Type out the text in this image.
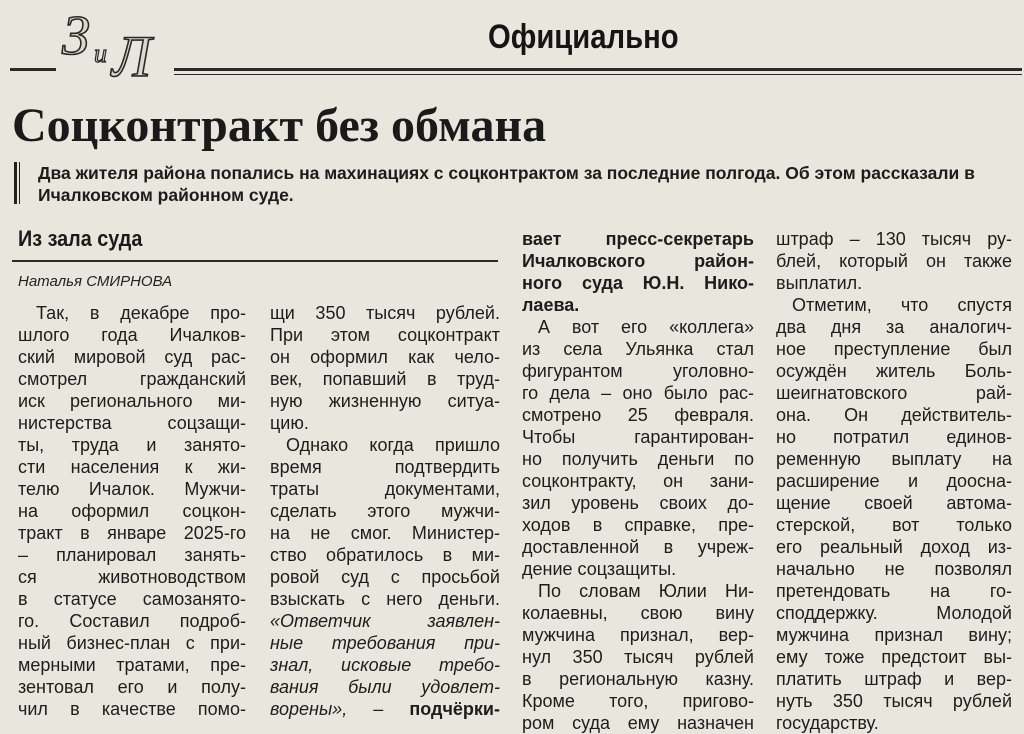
З и Л	Официально
Соцконтракт без обмана
Два жителя района попались на махинациях с соцконтрактом за последние полгода. Об этом рассказали в Ичалковском районном суде.
Из зала суда
Наталья СМИРНОВА
Так, в декабре про-
шлого года Ичалков-
ский мировой суд рас-
смотрел гражданский
иск регионального ми-
нистерства соцзащи-
ты, труда и занято-
сти населения к жи-
телю Ичалок. Мужчи-
на оформил соцкон-
тракт в январе 2025-го
– планировал занять-
ся животноводством
в статусе самозанято-
го. Составил подроб-
ный бизнес-план с при-
мерными тратами, пре-
зентовал его и полу-
чил в качестве помо-
щи 350 тысяч рублей.
При этом соцконтракт
он оформил как чело-
век, попавший в труд-
ную жизненную ситуа-
цию.
Однако когда пришло
время подтвердить
траты документами,
сделать этого мужчи-
на не смог. Министер-
ство обратилось в ми-
ровой суд с просьбой
взыскать с него деньги.
«Ответчик заявлен-
ные требования при-
знал, исковые требо-
вания были удовлет-
ворены», – подчёрки-
вает пресс-секретарь
Ичалковского район-
ного суда Ю.Н. Нико-
лаева.
А вот его «коллега»
из села Ульянка стал
фигурантом уголовно-
го дела – оно было рас-
смотрено 25 февраля.
Чтобы гарантирован-
но получить деньги по
соцконтракту, он зани-
зил уровень своих до-
ходов в справке, пре-
доставленной в учреж-
дение соцзащиты.
По словам Юлии Ни-
колаевны, свою вину
мужчина признал, вер-
нул 350 тысяч рублей
в региональную казну.
Кроме того, пригово-
ром суда ему назначен
штраф – 130 тысяч ру-
блей, который он также
выплатил.
Отметим, что спустя
два дня за аналогич-
ное преступление был
осуждён житель Боль-
шеигнатовского рай-
она. Он действитель-
но потратил единов-
ременную выплату на
расширение и доосна-
щение своей автома-
стерской, вот только
его реальный доход из-
начально не позволял
претендовать на го-
споддержку. Молодой
мужчина признал вину;
ему тоже предстоит вы-
платить штраф и вер-
нуть 350 тысяч рублей
государству.
